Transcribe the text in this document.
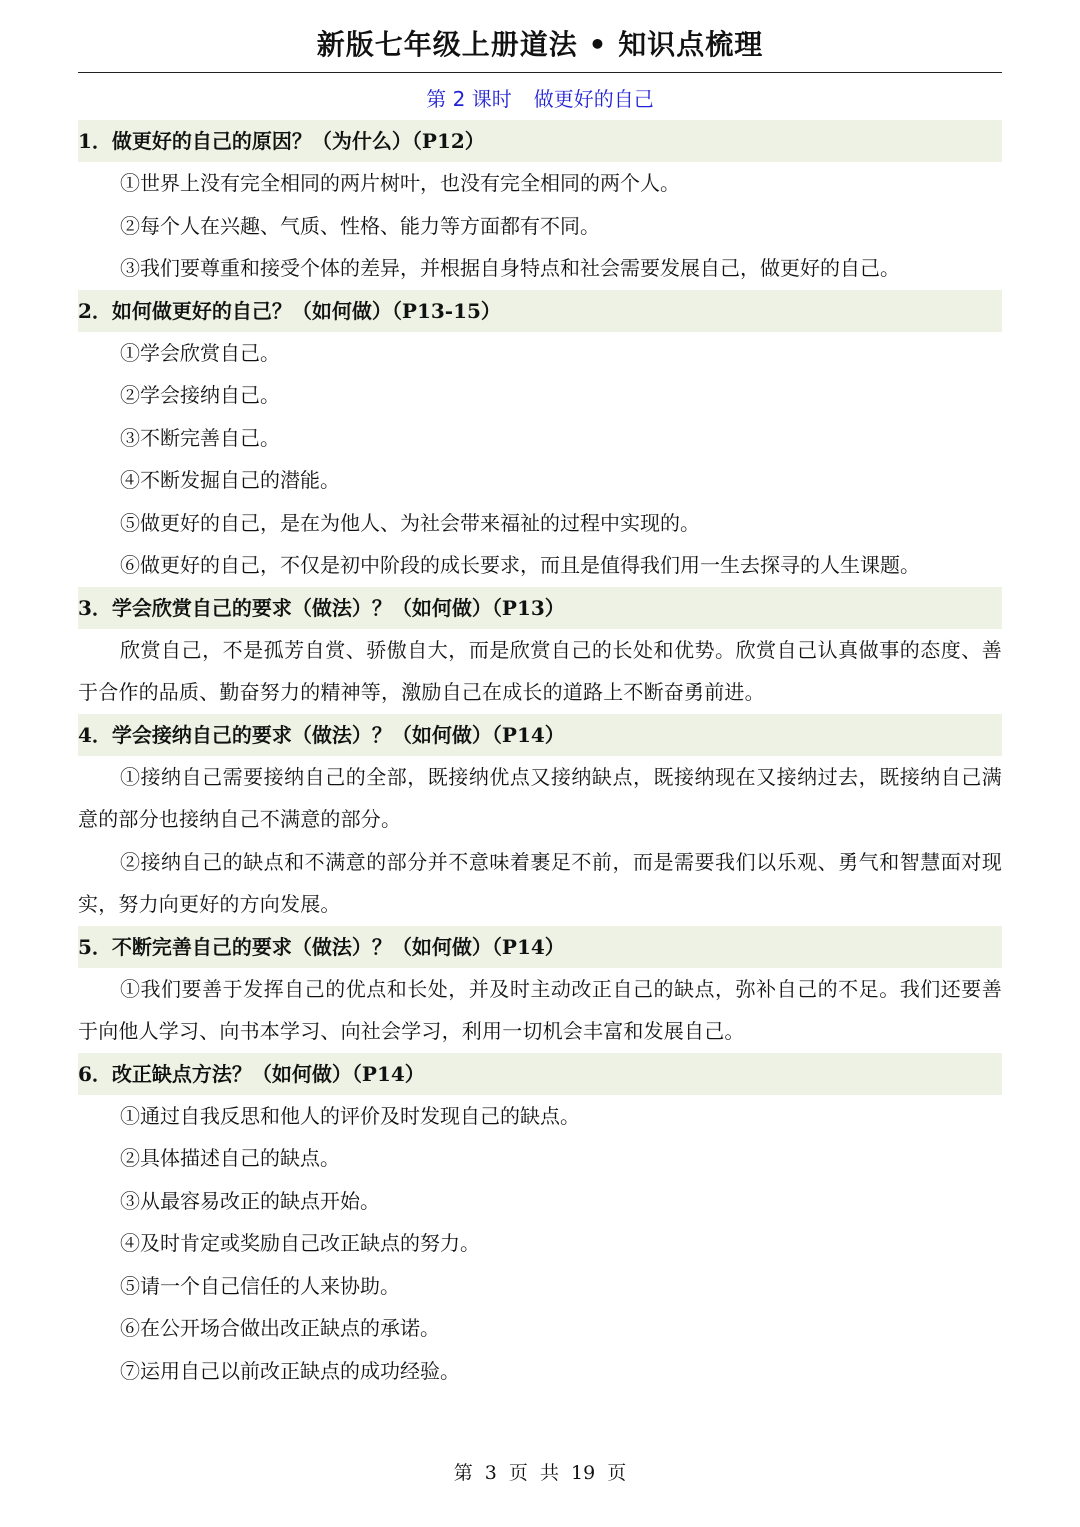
新版七年级上册道法 • 知识点梳理
第 2 课时 做更好的自己
1．做更好的自己的原因？（为什么）（P12）
①世界上没有完全相同的两片树叶，也没有完全相同的两个人。
②每个人在兴趣、气质、性格、能力等方面都有不同。
③我们要尊重和接受个体的差异，并根据自身特点和社会需要发展自己，做更好的自己。
2．如何做更好的自己？（如何做）（P13-15）
①学会欣赏自己。
②学会接纳自己。
③不断完善自己。
④不断发掘自己的潜能。
⑤做更好的自己，是在为他人、为社会带来福祉的过程中实现的。
⑥做更好的自己，不仅是初中阶段的成长要求，而且是值得我们用一生去探寻的人生课题。
3．学会欣赏自己的要求（做法）？（如何做）（P13）
欣赏自己，不是孤芳自赏、骄傲自大，而是欣赏自己的长处和优势。欣赏自己认真做事的态度、善于合作的品质、勤奋努力的精神等，激励自己在成长的道路上不断奋勇前进。
4．学会接纳自己的要求（做法）？（如何做）（P14）
①接纳自己需要接纳自己的全部，既接纳优点又接纳缺点，既接纳现在又接纳过去，既接纳自己满意的部分也接纳自己不满意的部分。
②接纳自己的缺点和不满意的部分并不意味着裹足不前，而是需要我们以乐观、勇气和智慧面对现实，努力向更好的方向发展。
5．不断完善自己的要求（做法）？（如何做）（P14）
①我们要善于发挥自己的优点和长处，并及时主动改正自己的缺点，弥补自己的不足。我们还要善于向他人学习、向书本学习、向社会学习，利用一切机会丰富和发展自己。
6．改正缺点方法？（如何做）（P14）
①通过自我反思和他人的评价及时发现自己的缺点。
②具体描述自己的缺点。
③从最容易改正的缺点开始。
④及时肯定或奖励自己改正缺点的努力。
⑤请一个自己信任的人来协助。
⑥在公开场合做出改正缺点的承诺。
⑦运用自己以前改正缺点的成功经验。
第 3 页 共 19 页
